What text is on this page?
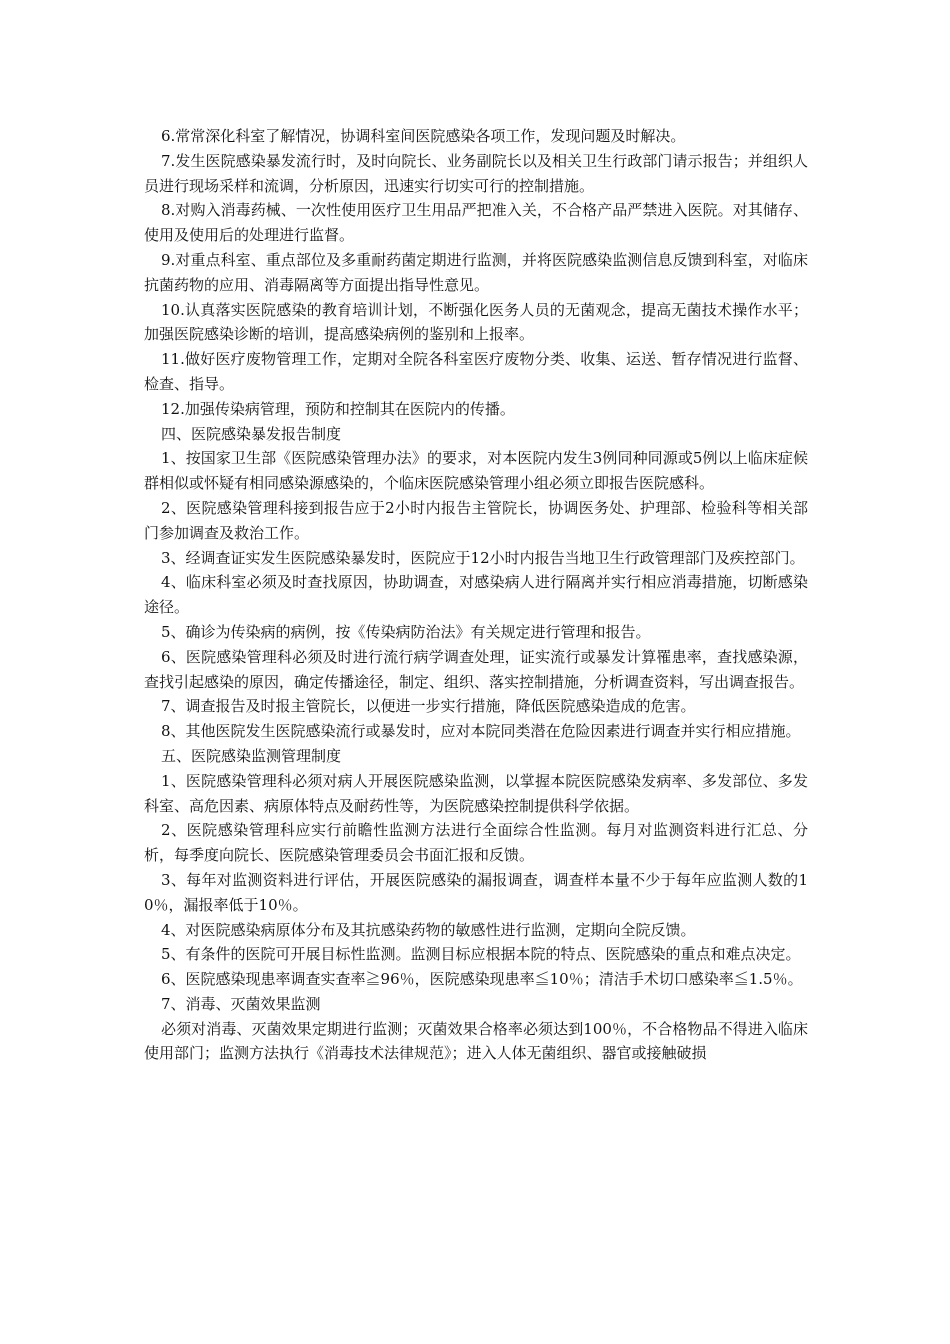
6.常常深化科室了解情况，协调科室间医院感染各项工作，发现问题及时解决。

7.发生医院感染暴发流行时，及时向院长、业务副院长以及相关卫生行政部门请示报告；并组织人员进行现场采样和流调，分析原因，迅速实行切实可行的控制措施。

8.对购入消毒药械、一次性使用医疗卫生用品严把准入关，不合格产品严禁进入医院。对其储存、使用及使用后的处理进行监督。

9.对重点科室、重点部位及多重耐药菌定期进行监测，并将医院感染监测信息反馈到科室，对临床抗菌药物的应用、消毒隔离等方面提出指导性意见。

10.认真落实医院感染的教育培训计划，不断强化医务人员的无菌观念，提高无菌技术操作水平；加强医院感染诊断的培训，提高感染病例的鉴别和上报率。

11.做好医疗废物管理工作，定期对全院各科室医疗废物分类、收集、运送、暂存情况进行监督、检查、指导。

12.加强传染病管理，预防和控制其在医院内的传播。

四、医院感染暴发报告制度

1、按国家卫生部《医院感染管理办法》的要求，对本医院内发生3例同种同源或5例以上临床症候群相似或怀疑有相同感染源感染的，个临床医院感染管理小组必须立即报告医院感科。

2、医院感染管理科接到报告应于2小时内报告主管院长，协调医务处、护理部、检验科等相关部门参加调查及救治工作。

3、经调查证实发生医院感染暴发时，医院应于12小时内报告当地卫生行政管理部门及疾控部门。

4、临床科室必须及时查找原因，协助调查，对感染病人进行隔离并实行相应消毒措施，切断感染途径。

5、确诊为传染病的病例，按《传染病防治法》有关规定进行管理和报告。

6、医院感染管理科必须及时进行流行病学调查处理，证实流行或暴发计算罹患率，查找感染源，查找引起感染的原因，确定传播途径，制定、组织、落实控制措施，分析调查资料，写出调查报告。

7、调查报告及时报主管院长，以便进一步实行措施，降低医院感染造成的危害。

8、其他医院发生医院感染流行或暴发时，应对本院同类潜在危险因素进行调查并实行相应措施。

五、医院感染监测管理制度

1、医院感染管理科必须对病人开展医院感染监测，以掌握本院医院感染发病率、多发部位、多发科室、高危因素、病原体特点及耐药性等，为医院感染控制提供科学依据。

2、医院感染管理科应实行前瞻性监测方法进行全面综合性监测。每月对监测资料进行汇总、分析，每季度向院长、医院感染管理委员会书面汇报和反馈。

3、每年对监测资料进行评估，开展医院感染的漏报调查，调查样本量不少于每年应监测人数的10％，漏报率低于10％。

4、对医院感染病原体分布及其抗感染药物的敏感性进行监测，定期向全院反馈。

5、有条件的医院可开展目标性监测。监测目标应根据本院的特点、医院感染的重点和难点决定。

6、医院感染现患率调查实查率≧96％，医院感染现患率≦10％；清洁手术切口感染率≦1.5％。

7、消毒、灭菌效果监测

必须对消毒、灭菌效果定期进行监测；灭菌效果合格率必须达到100％，不合格物品不得进入临床使用部门；监测方法执行《消毒技术法律规范》；进入人体无菌组织、器官或接触破损
